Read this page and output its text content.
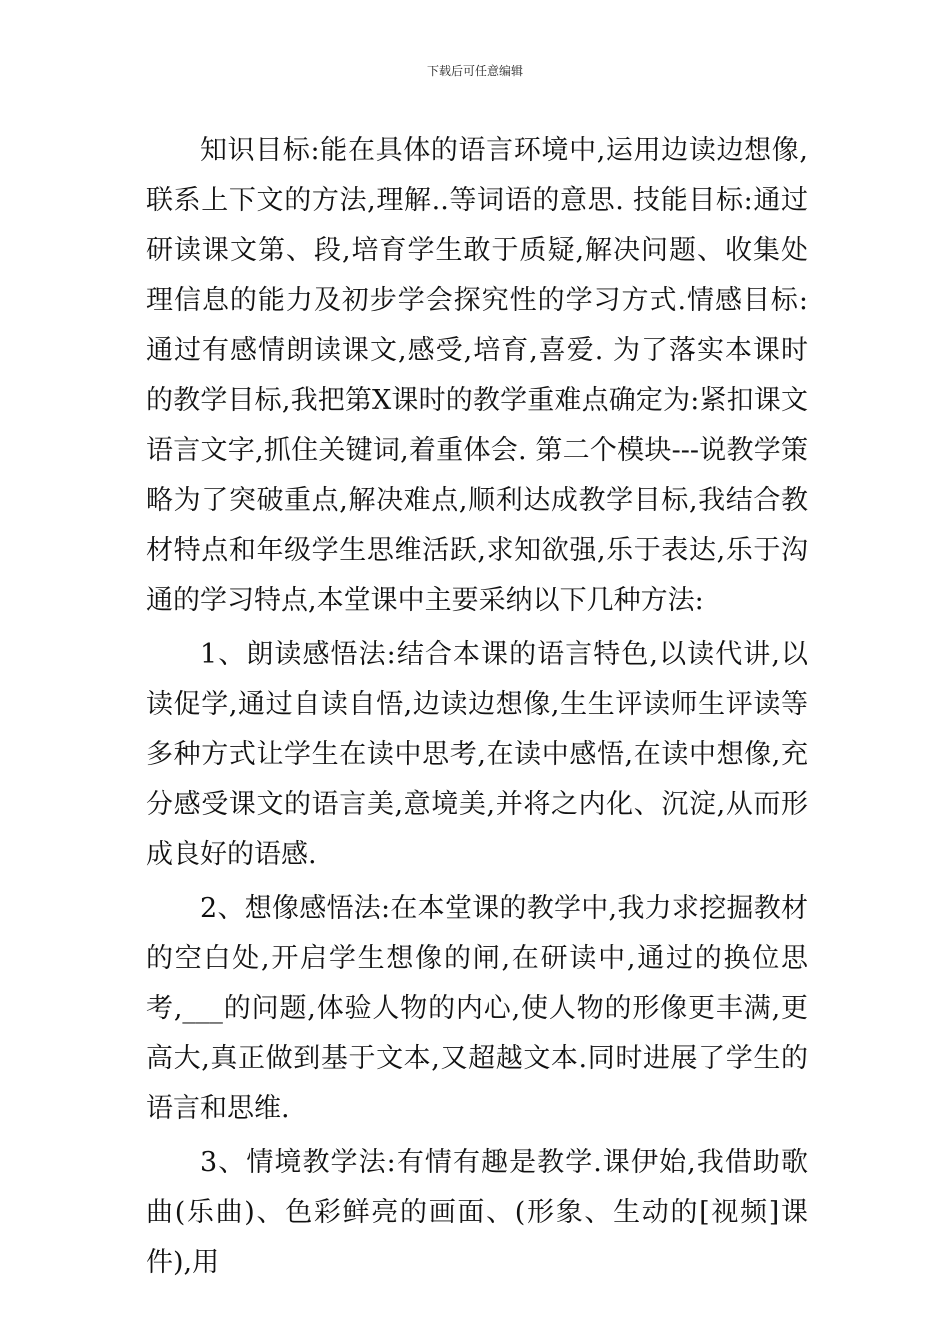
下载后可任意编辑

知识目标:能在具体的语言环境中,运用边读边想像,联系上下文的方法,理解..等词语的意思. 技能目标:通过研读课文第、段,培育学生敢于质疑,解决问题、收集处理信息的能力及初步学会探究性的学习方式.情感目标:通过有感情朗读课文,感受,培育,喜爱. 为了落实本课时的教学目标,我把第X课时的教学重难点确定为:紧扣课文语言文字,抓住关键词,着重体会. 第二个模块---说教学策略为了突破重点,解决难点,顺利达成教学目标,我结合教材特点和年级学生思维活跃,求知欲强,乐于表达,乐于沟通的学习特点,本堂课中主要采纳以下几种方法:

1、朗读感悟法:结合本课的语言特色,以读代讲,以读促学,通过自读自悟,边读边想像,生生评读师生评读等多种方式让学生在读中思考,在读中感悟,在读中想像,充分感受课文的语言美,意境美,并将之内化、沉淀,从而形成良好的语感.

2、想像感悟法:在本堂课的教学中,我力求挖掘教材的空白处,开启学生想像的闸,在研读中,通过的换位思考,___的问题,体验人物的内心,使人物的形像更丰满,更高大,真正做到基于文本,又超越文本.同时进展了学生的语言和思维.

3、情境教学法:有情有趣是教学.课伊始,我借助歌曲(乐曲)、色彩鲜亮的画面、(形象、生动的[视频]课件),用
